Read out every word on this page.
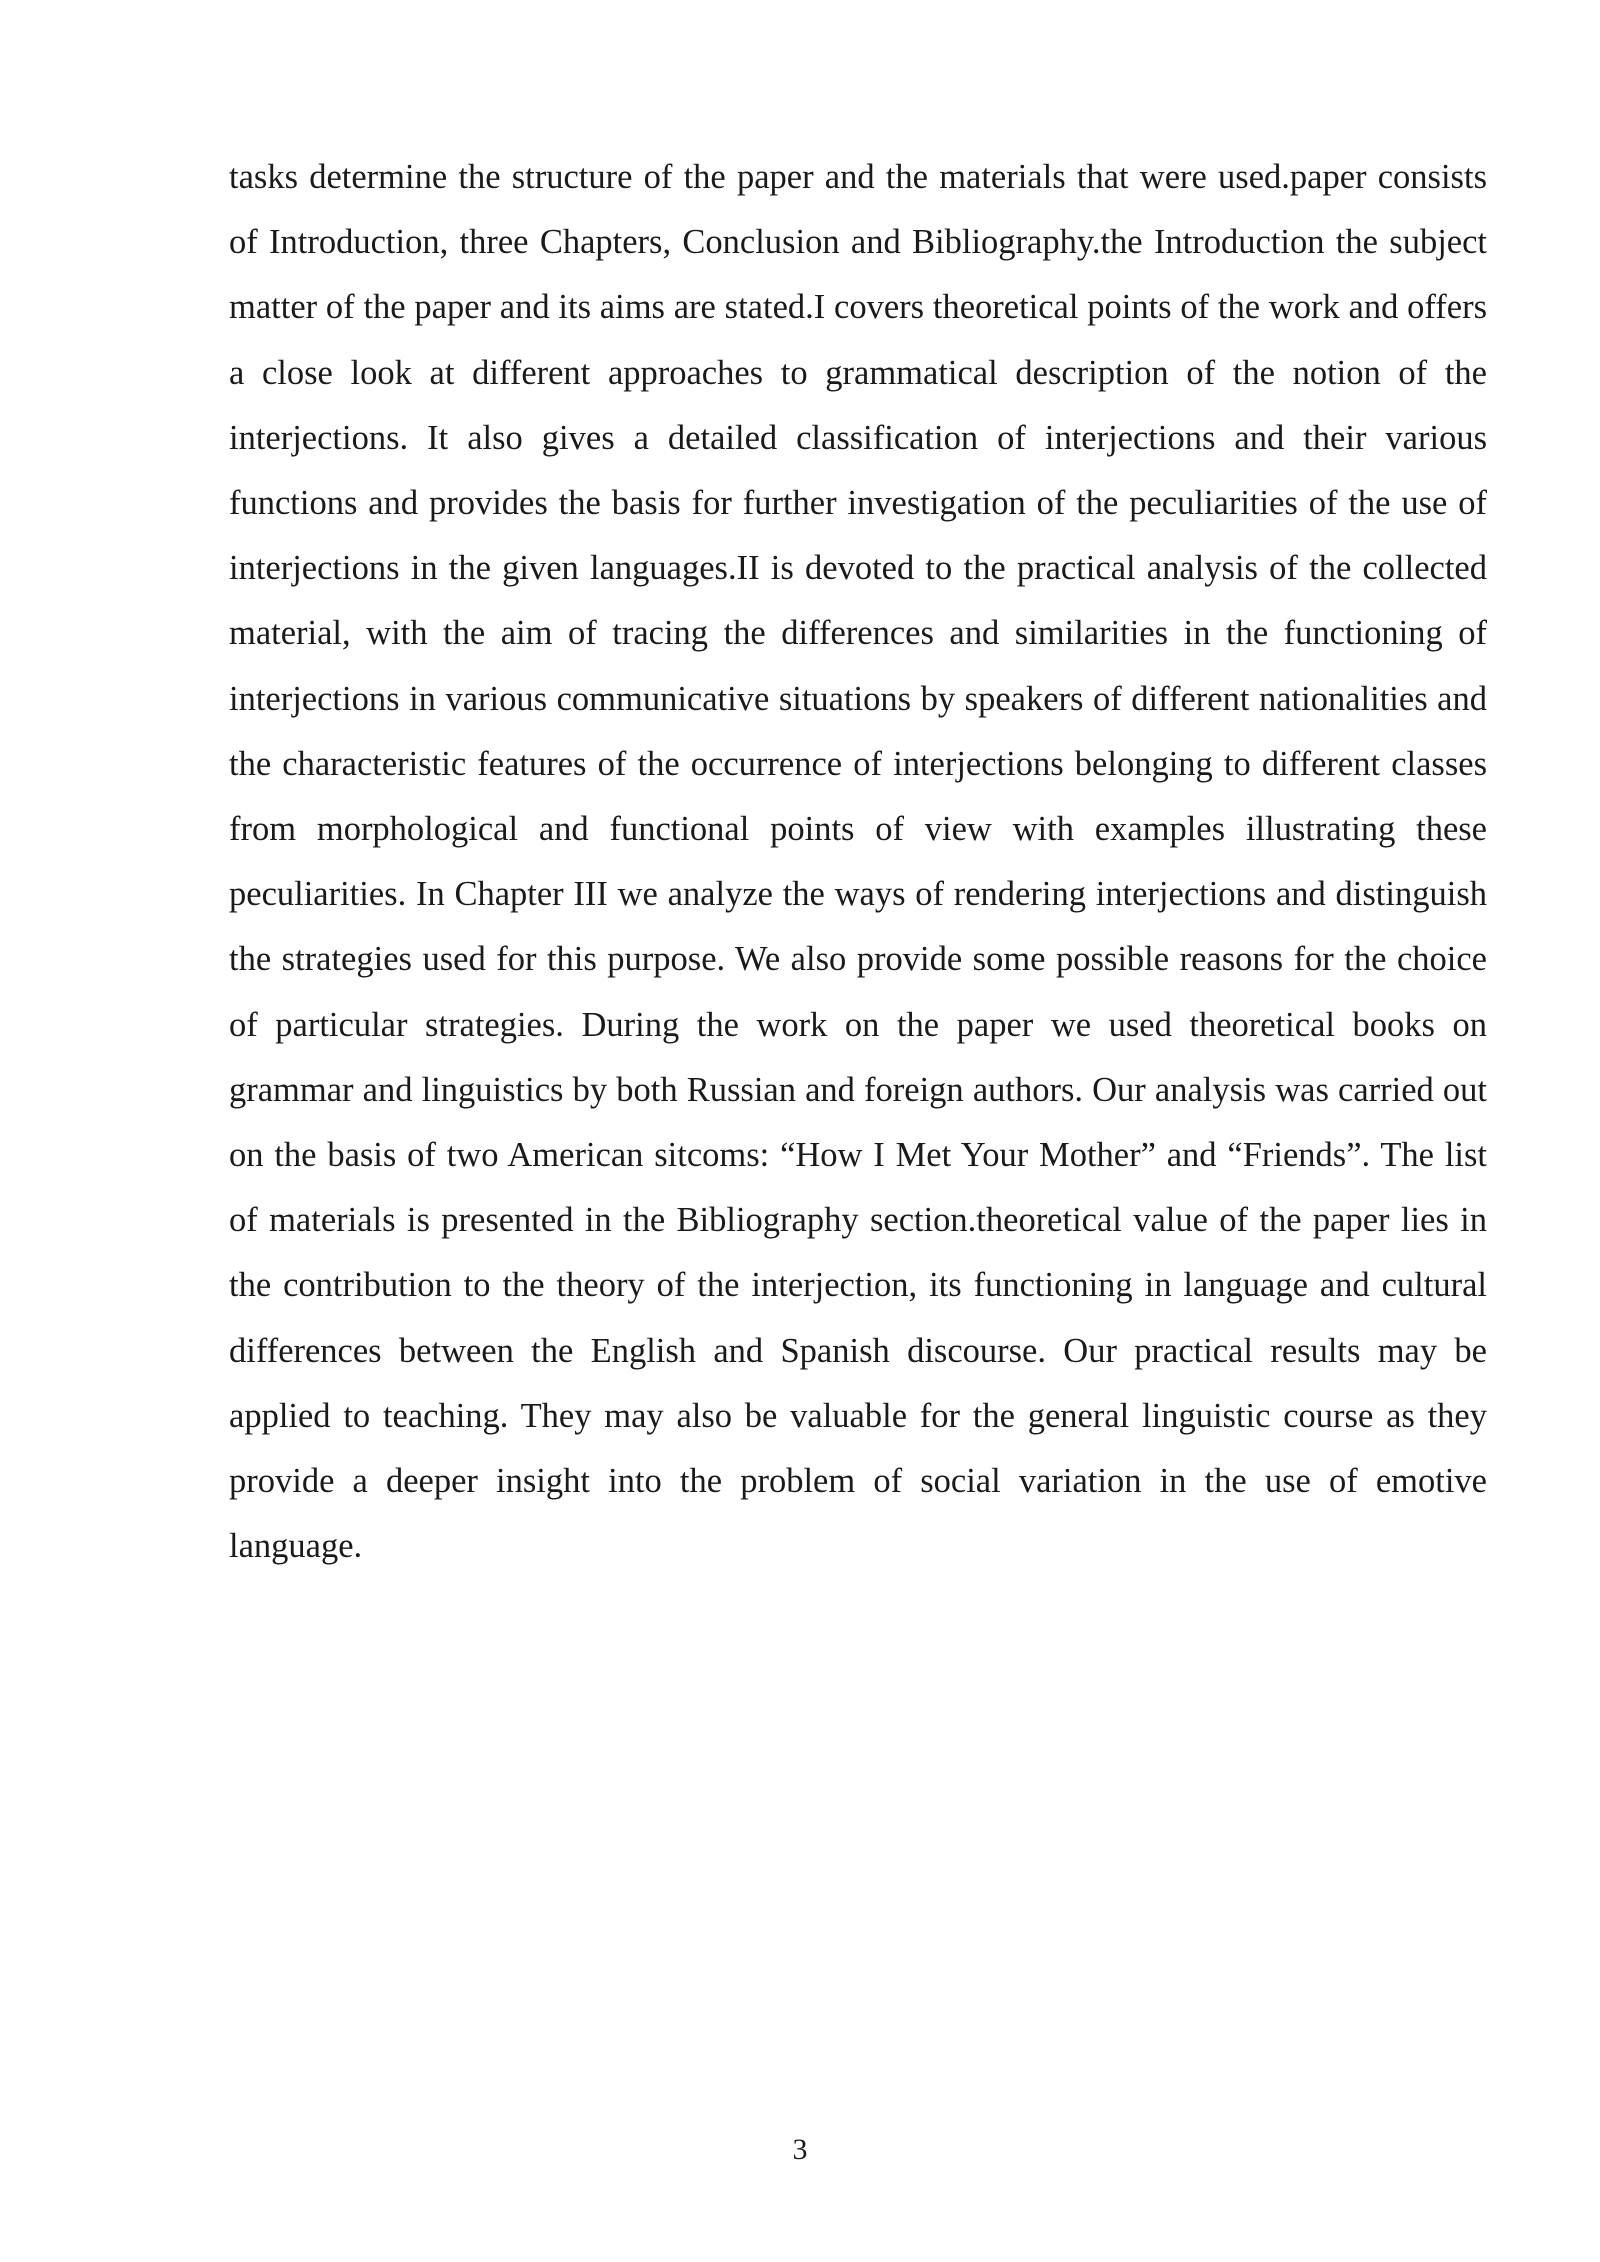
tasks determine the structure of the paper and the materials that were used.paper consists of Introduction, three Chapters, Conclusion and Bibliography.the Introduction the subject matter of the paper and its aims are stated.I covers theoretical points of the work and offers a close look at different approaches to grammatical description of the notion of the interjections. It also gives a detailed classification of interjections and their various functions and provides the basis for further investigation of the peculiarities of the use of interjections in the given languages.II is devoted to the practical analysis of the collected material, with the aim of tracing the differences and similarities in the functioning of interjections in various communicative situations by speakers of different nationalities and the characteristic features of the occurrence of interjections belonging to different classes from morphological and functional points of view with examples illustrating these peculiarities. In Chapter III we analyze the ways of rendering interjections and distinguish the strategies used for this purpose. We also provide some possible reasons for the choice of particular strategies. During the work on the paper we used theoretical books on grammar and linguistics by both Russian and foreign authors. Our analysis was carried out on the basis of two American sitcoms: “How I Met Your Mother” and “Friends”. The list of materials is presented in the Bibliography section.theoretical value of the paper lies in the contribution to the theory of the interjection, its functioning in language and cultural differences between the English and Spanish discourse. Our practical results may be applied to teaching. They may also be valuable for the general linguistic course as they provide a deeper insight into the problem of social variation in the use of emotive language.

3
